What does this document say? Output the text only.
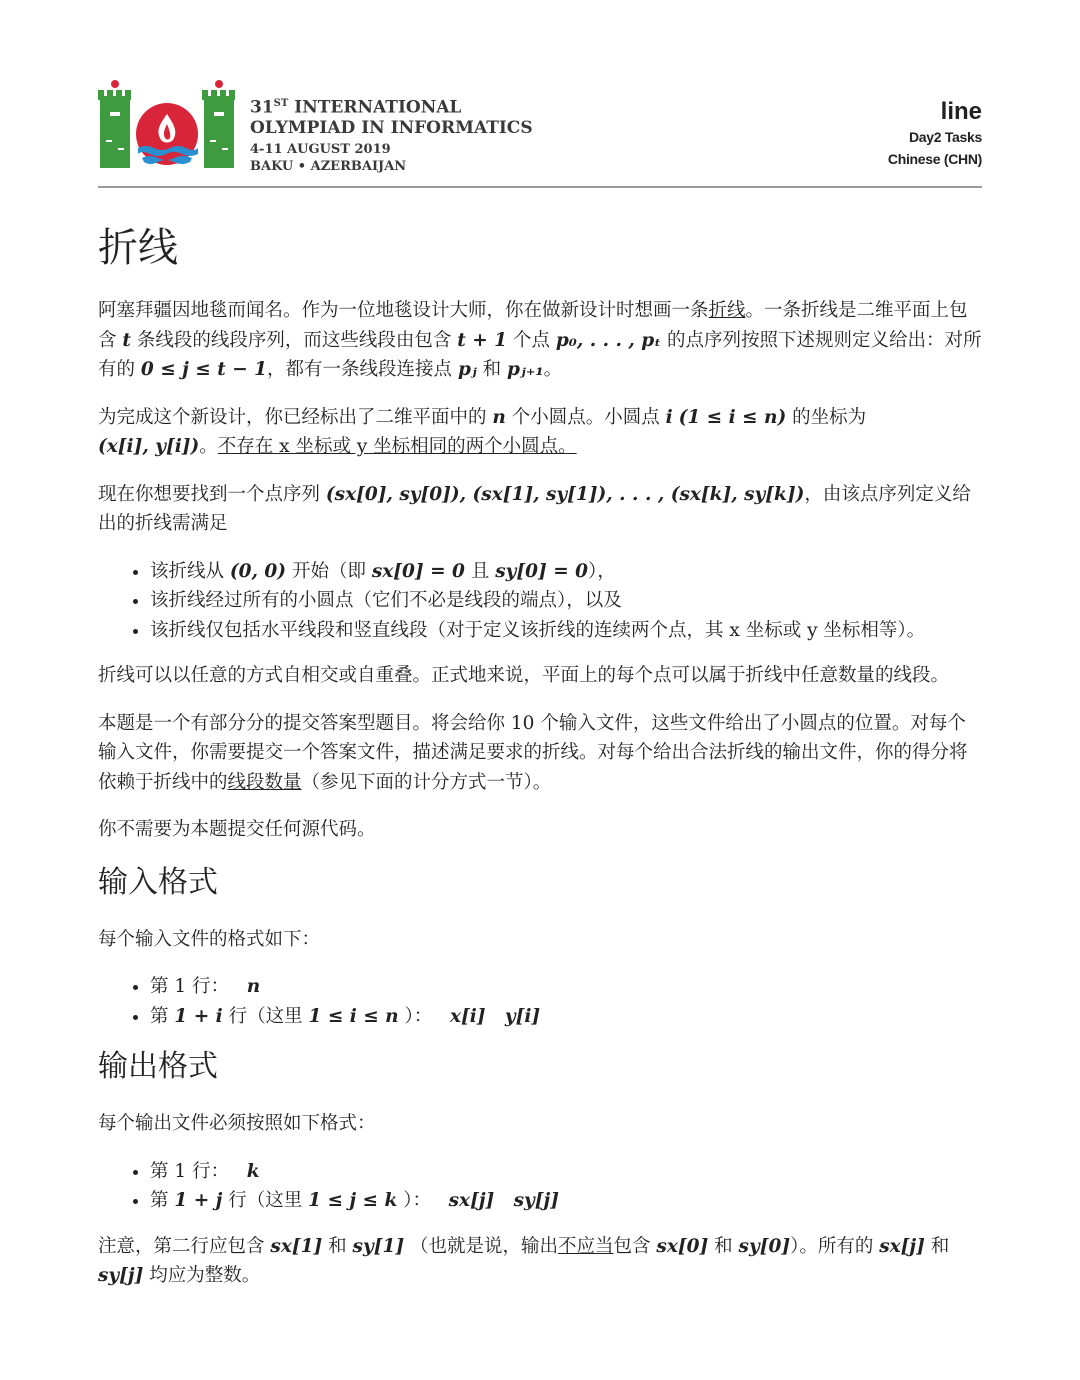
31ST INTERNATIONAL
OLYMPIAD IN INFORMATICS
4-11 AUGUST 2019
BAKU • AZERBAIJAN
line
Day2 Tasks
Chinese (CHN)
折线

阿塞拜疆因地毯而闻名。作为一位地毯设计大师，你在做新设计时想画一条折线。一条折线是二维平面上包含 t 条线段的线段序列，而这些线段由包含 t + 1 个点 p₀, . . . , pₜ 的点序列按照下述规则定义给出：对所有的 0 ≤ j ≤ t − 1，都有一条线段连接点 pⱼ 和 pⱼ₊₁。

为完成这个新设计，你已经标出了二维平面中的 n 个小圆点。小圆点 i (1 ≤ i ≤ n) 的坐标为
(x[i], y[i])。不存在 x 坐标或 y 坐标相同的两个小圆点。

现在你想要找到一个点序列 (sx[0], sy[0]), (sx[1], sy[1]), . . . , (sx[k], sy[k])，由该点序列定义给出的折线需满足

• 该折线从 (0, 0) 开始（即 sx[0] = 0 且 sy[0] = 0），
• 该折线经过所有的小圆点（它们不必是线段的端点），以及
• 该折线仅包括水平线段和竖直线段（对于定义该折线的连续两个点，其 x 坐标或 y 坐标相等）。

折线可以以任意的方式自相交或自重叠。正式地来说，平面上的每个点可以属于折线中任意数量的线段。

本题是一个有部分分的提交答案型题目。将会给你 10 个输入文件，这些文件给出了小圆点的位置。对每个输入文件，你需要提交一个答案文件，描述满足要求的折线。对每个给出合法折线的输出文件，你的得分将依赖于折线中的线段数量（参见下面的计分方式一节）。

你不需要为本题提交任何源代码。

输入格式

每个输入文件的格式如下：

• 第 1 行： n
• 第 1 + i 行（这里 1 ≤ i ≤ n ）： x[i]   y[i]
输出格式

每个输出文件必须按照如下格式：

• 第 1 行： k
• 第 1 + j 行（这里 1 ≤ j ≤ k ）： sx[j]   sy[j]

注意，第二行应包含 sx[1] 和 sy[1] （也就是说，输出不应当包含 sx[0] 和 sy[0]）。所有的 sx[j] 和 sy[j] 均应为整数。
